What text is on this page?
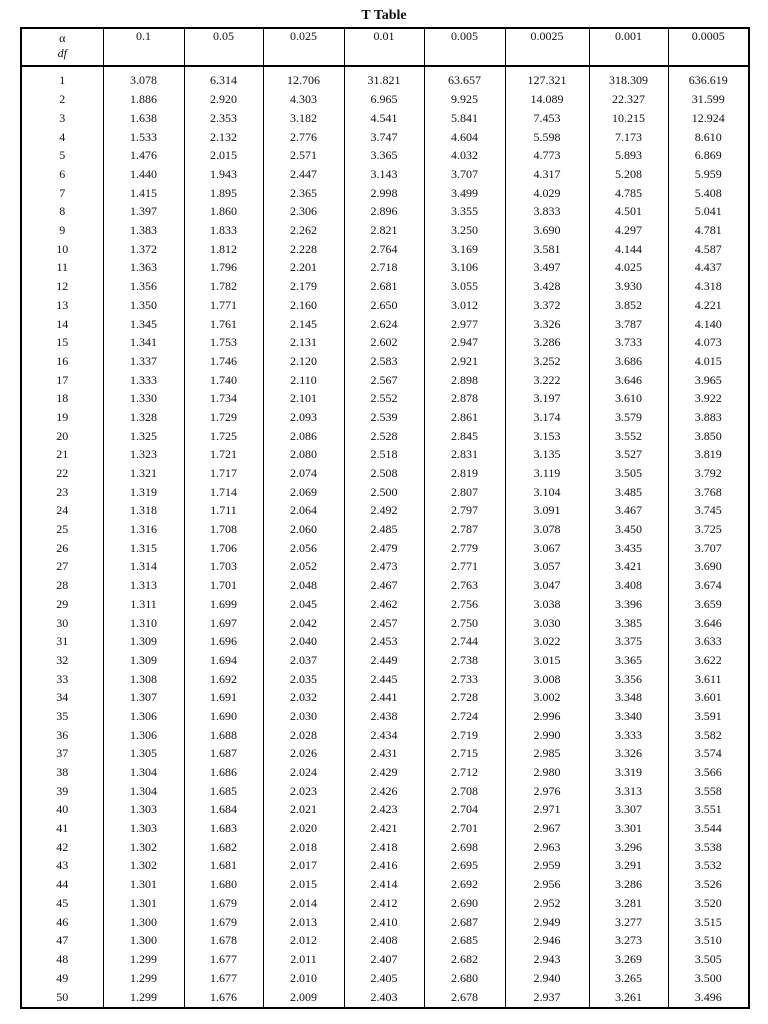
T Table
α
df	0.1	0.05	0.025	0.01	0.005	0.0025	0.001	0.0005
1	3.078	6.314	12.706	31.821	63.657	127.321	318.309	636.619
2	1.886	2.920	4.303	6.965	9.925	14.089	22.327	31.599
3	1.638	2.353	3.182	4.541	5.841	7.453	10.215	12.924
4	1.533	2.132	2.776	3.747	4.604	5.598	7.173	8.610
5	1.476	2.015	2.571	3.365	4.032	4.773	5.893	6.869
6	1.440	1.943	2.447	3.143	3.707	4.317	5.208	5.959
7	1.415	1.895	2.365	2.998	3.499	4.029	4.785	5.408
8	1.397	1.860	2.306	2.896	3.355	3.833	4.501	5.041
9	1.383	1.833	2.262	2.821	3.250	3.690	4.297	4.781
10	1.372	1.812	2.228	2.764	3.169	3.581	4.144	4.587
11	1.363	1.796	2.201	2.718	3.106	3.497	4.025	4.437
12	1.356	1.782	2.179	2.681	3.055	3.428	3.930	4.318
13	1.350	1.771	2.160	2.650	3.012	3.372	3.852	4.221
14	1.345	1.761	2.145	2.624	2.977	3.326	3.787	4.140
15	1.341	1.753	2.131	2.602	2.947	3.286	3.733	4.073
16	1.337	1.746	2.120	2.583	2.921	3.252	3.686	4.015
17	1.333	1.740	2.110	2.567	2.898	3.222	3.646	3.965
18	1.330	1.734	2.101	2.552	2.878	3.197	3.610	3.922
19	1.328	1.729	2.093	2.539	2.861	3.174	3.579	3.883
20	1.325	1.725	2.086	2.528	2.845	3.153	3.552	3.850
21	1.323	1.721	2.080	2.518	2.831	3.135	3.527	3.819
22	1.321	1.717	2.074	2.508	2.819	3.119	3.505	3.792
23	1.319	1.714	2.069	2.500	2.807	3.104	3.485	3.768
24	1.318	1.711	2.064	2.492	2.797	3.091	3.467	3.745
25	1.316	1.708	2.060	2.485	2.787	3.078	3.450	3.725
26	1.315	1.706	2.056	2.479	2.779	3.067	3.435	3.707
27	1.314	1.703	2.052	2.473	2.771	3.057	3.421	3.690
28	1.313	1.701	2.048	2.467	2.763	3.047	3.408	3.674
29	1.311	1.699	2.045	2.462	2.756	3.038	3.396	3.659
30	1.310	1.697	2.042	2.457	2.750	3.030	3.385	3.646
31	1.309	1.696	2.040	2.453	2.744	3.022	3.375	3.633
32	1.309	1.694	2.037	2.449	2.738	3.015	3.365	3.622
33	1.308	1.692	2.035	2.445	2.733	3.008	3.356	3.611
34	1.307	1.691	2.032	2.441	2.728	3.002	3.348	3.601
35	1.306	1.690	2.030	2.438	2.724	2.996	3.340	3.591
36	1.306	1.688	2.028	2.434	2.719	2.990	3.333	3.582
37	1.305	1.687	2.026	2.431	2.715	2.985	3.326	3.574
38	1.304	1.686	2.024	2.429	2.712	2.980	3.319	3.566
39	1.304	1.685	2.023	2.426	2.708	2.976	3.313	3.558
40	1.303	1.684	2.021	2.423	2.704	2.971	3.307	3.551
41	1.303	1.683	2.020	2.421	2.701	2.967	3.301	3.544
42	1.302	1.682	2.018	2.418	2.698	2.963	3.296	3.538
43	1.302	1.681	2.017	2.416	2.695	2.959	3.291	3.532
44	1.301	1.680	2.015	2.414	2.692	2.956	3.286	3.526
45	1.301	1.679	2.014	2.412	2.690	2.952	3.281	3.520
46	1.300	1.679	2.013	2.410	2.687	2.949	3.277	3.515
47	1.300	1.678	2.012	2.408	2.685	2.946	3.273	3.510
48	1.299	1.677	2.011	2.407	2.682	2.943	3.269	3.505
49	1.299	1.677	2.010	2.405	2.680	2.940	3.265	3.500
50	1.299	1.676	2.009	2.403	2.678	2.937	3.261	3.496
